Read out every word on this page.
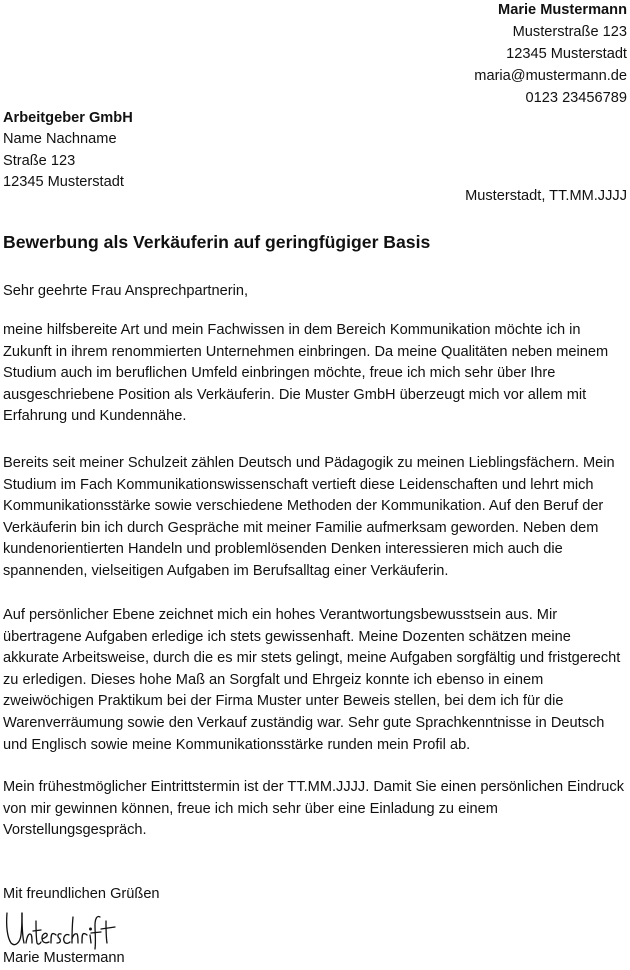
Marie Mustermann
Musterstraße 123
12345 Musterstadt
maria@mustermann.de
0123 23456789
Arbeitgeber GmbH
Name Nachname
Straße 123
12345 Musterstadt
Musterstadt, TT.MM.JJJJ
Bewerbung als Verkäuferin auf geringfügiger Basis
Sehr geehrte Frau Ansprechpartnerin,

meine hilfsbereite Art und mein Fachwissen in dem Bereich Kommunikation möchte ich in Zukunft in ihrem renommierten Unternehmen einbringen. Da meine Qualitäten neben meinem Studium auch im beruflichen Umfeld einbringen möchte, freue ich mich sehr über Ihre ausgeschriebene Position als Verkäuferin. Die Muster GmbH überzeugt mich vor allem mit Erfahrung und Kundennähe.

Bereits seit meiner Schulzeit zählen Deutsch und Pädagogik zu meinen Lieblingsfächern. Mein Studium im Fach Kommunikationswissenschaft vertieft diese Leidenschaften und lehrt mich Kommunikationsstärke sowie verschiedene Methoden der Kommunikation. Auf den Beruf der Verkäuferin bin ich durch Gespräche mit meiner Familie aufmerksam geworden. Neben dem kundenorientierten Handeln und problemlösenden Denken interessieren mich auch die spannenden, vielseitigen Aufgaben im Berufsalltag einer Verkäuferin.

Auf persönlicher Ebene zeichnet mich ein hohes Verantwortungsbewusstsein aus. Mir übertragene Aufgaben erledige ich stets gewissenhaft. Meine Dozenten schätzen meine akkurate Arbeitsweise, durch die es mir stets gelingt, meine Aufgaben sorgfältig und fristgerecht zu erledigen. Dieses hohe Maß an Sorgfalt und Ehrgeiz konnte ich ebenso in einem zweiwöchigen Praktikum bei der Firma Muster unter Beweis stellen, bei dem ich für die Warenverräumung sowie den Verkauf zuständig war. Sehr gute Sprachkenntnisse in Deutsch und Englisch sowie meine Kommunikationsstärke runden mein Profil ab.

Mein frühestmöglicher Eintrittstermin ist der TT.MM.JJJJ. Damit Sie einen persönlichen Eindruck von mir gewinnen können, freue ich mich sehr über eine Einladung zu einem Vorstellungsgespräch.

Mit freundlichen Grüßen
Marie Mustermann
